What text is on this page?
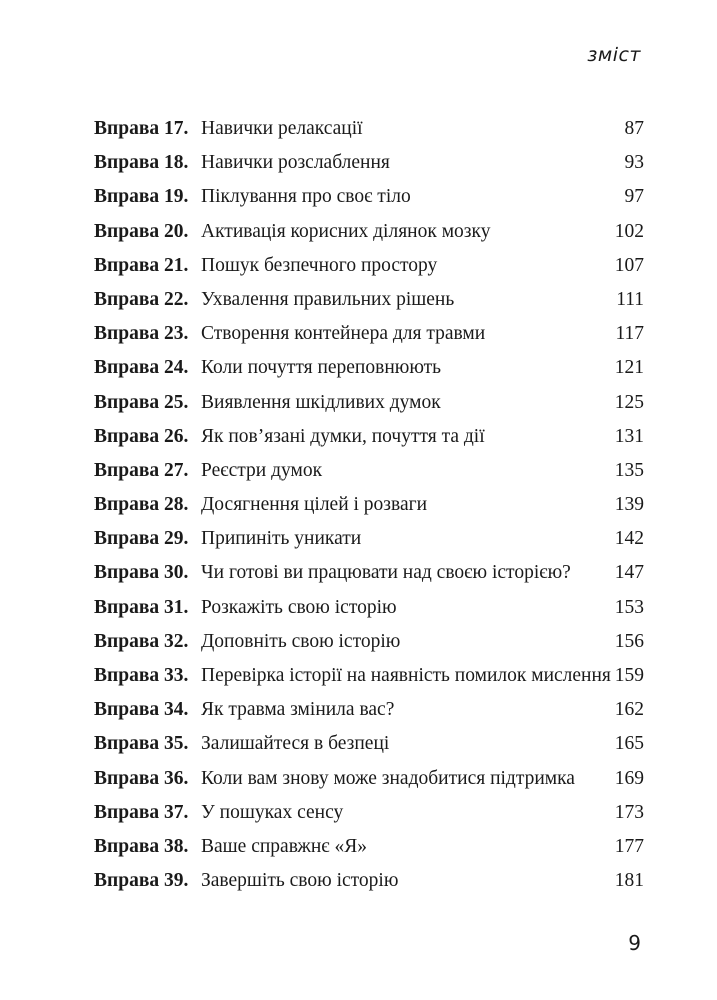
зміст
Вправа 17. Навички релаксації	87
Вправа 18. Навички розслаблення	93
Вправа 19. Піклування про своє тіло	97
Вправа 20. Активація корисних ділянок мозку	102
Вправа 21. Пошук безпечного простору	107
Вправа 22. Ухвалення правильних рішень	111
Вправа 23. Створення контейнера для травми	117
Вправа 24. Коли почуття переповнюють	121
Вправа 25. Виявлення шкідливих думок	125
Вправа 26. Як пов’язані думки, почуття та дії	131
Вправа 27. Реєстри думок	135
Вправа 28. Досягнення цілей і розваги	139
Вправа 29. Припиніть уникати	142
Вправа 30. Чи готові ви працювати над своєю історією? 147
Вправа 31. Розкажіть свою історію	153
Вправа 32. Доповніть свою історію	156
Вправа 33. Перевірка історії на наявність помилок мислення 159
Вправа 34. Як травма змінила вас?	162
Вправа 35. Залишайтеся в безпеці	165
Вправа 36. Коли вам знову може знадобитися підтримка 169
Вправа 37. У пошуках сенсу	173
Вправа 38. Ваше справжнє «Я»	177
Вправа 39. Завершіть свою історію	181
9
